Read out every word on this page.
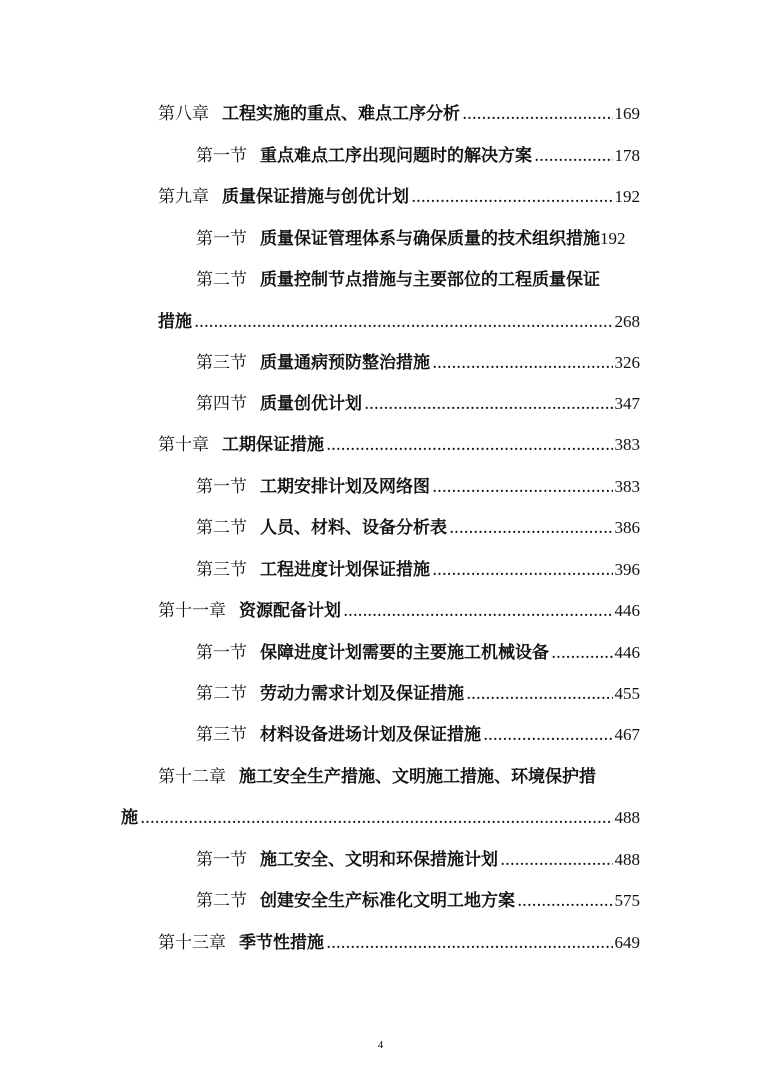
第八章 工程实施的重点、难点工序分析 . . .	169
第一节 重点难点工序出现问题时的解决方案 . . .	178
第九章 质量保证措施与创优计划 . . .	192
第一节 质量保证管理体系与确保质量的技术组织措施 192
第二节 质量控制节点措施与主要部位的工程质量保证
措施 . . .	268
第三节 质量通病预防整治措施 . . .	326
第四节 质量创优计划 . . .	347
第十章 工期保证措施 . . .	383
第一节 工期安排计划及网络图 . . .	383
第二节 人员、材料、设备分析表 . . .	386
第三节 工程进度计划保证措施 . . .	396
第十一章 资源配备计划 . . .	446
第一节 保障进度计划需要的主要施工机械设备 . . .	446
第二节 劳动力需求计划及保证措施 . . .	455
第三节 材料设备进场计划及保证措施 . . .	467
第十二章 施工安全生产措施、文明施工措施、环境保护措
施 . . .	488
第一节 施工安全、文明和环保措施计划 . . .	488
第二节 创建安全生产标准化文明工地方案 . . .	575
第十三章 季节性措施 . . .	649
4
